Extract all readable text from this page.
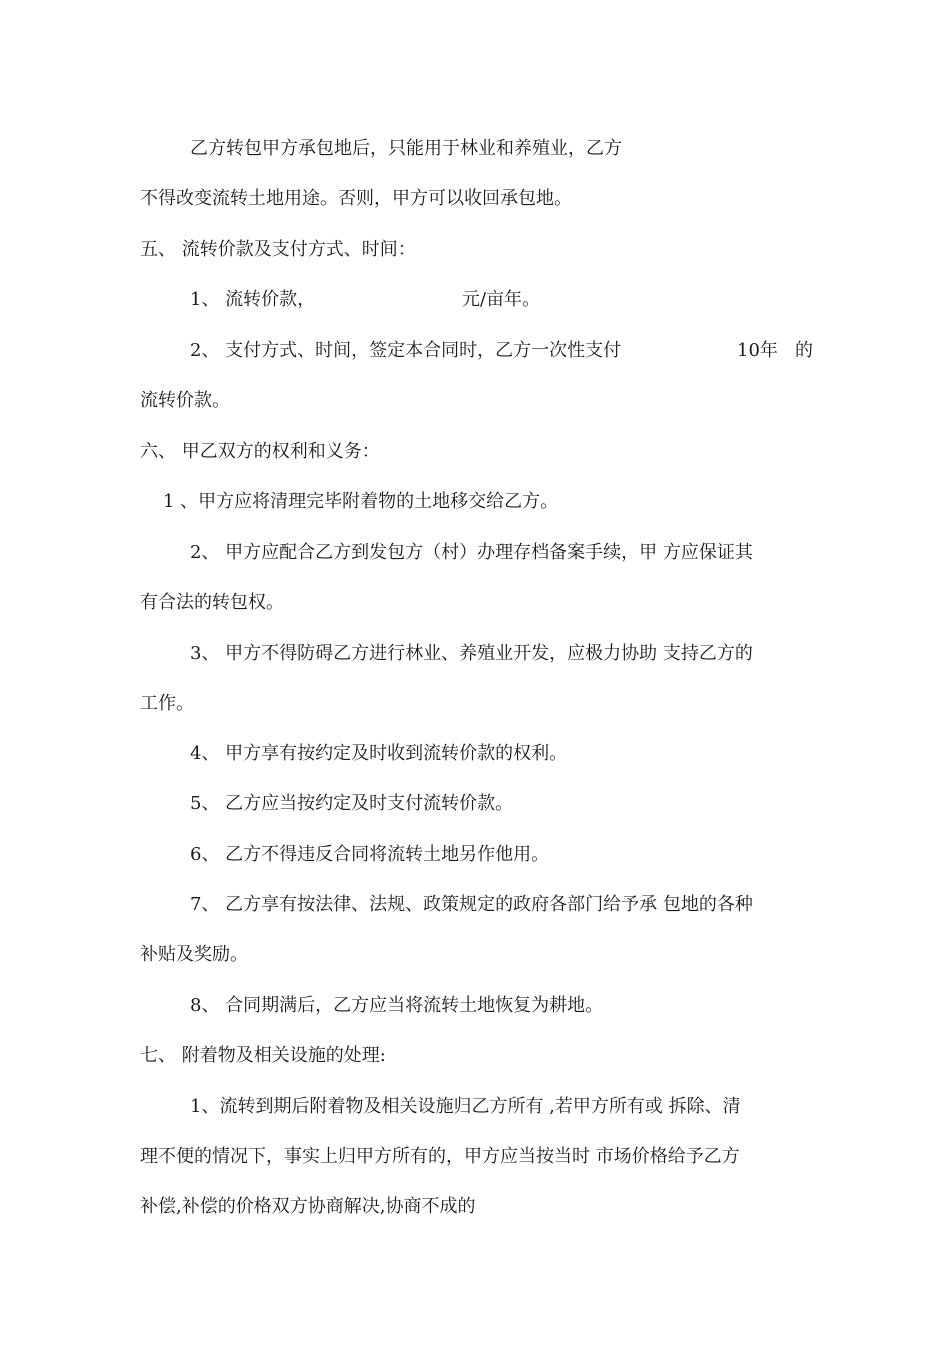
乙方转包甲方承包地后，只能用于林业和养殖业，乙方

不得改变流转土地用途。否则，甲方可以收回承包地。

五、 流转价款及支付方式、时间：

1、 流转价款，	元/亩年。

2、 支付方式、时间，签定本合同时，乙方一次性支付	10年 的

流转价款。

六、 甲乙双方的权利和义务：

1 、甲方应将清理完毕附着物的土地移交给乙方。

2、 甲方应配合乙方到发包方（村）办理存档备案手续，甲 方应保证其

有合法的转包权。

3、 甲方不得防碍乙方进行林业、养殖业开发，应极力协助 支持乙方的

工作。

4、 甲方享有按约定及时收到流转价款的权利。

5、 乙方应当按约定及时支付流转价款。

6、 乙方不得违反合同将流转土地另作他用。

7、 乙方享有按法律、法规、政策规定的政府各部门给予承 包地的各种

补贴及奖励。

8、 合同期满后，乙方应当将流转土地恢复为耕地。

七、 附着物及相关设施的处理:

1、流转到期后附着物及相关设施归乙方所有 ,若甲方所有或 拆除、清

理不便的情况下，事实上归甲方所有的，甲方应当按当时 市场价格给予乙方

补偿,补偿的价格双方协商解决,协商不成的
